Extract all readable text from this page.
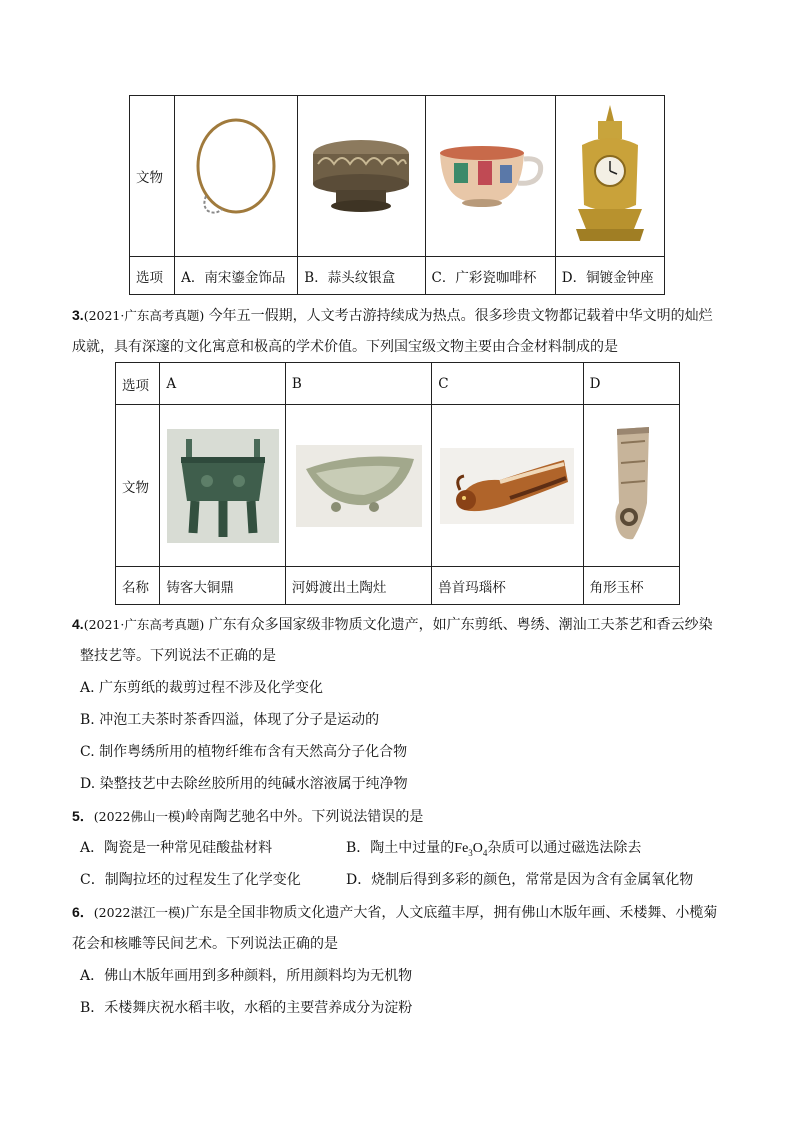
文物	

选项	A．南宋鎏金饰品	B．蒜头纹银盒	C．广彩瓷咖啡杯	D．铜镀金钟座
3.(2021·广东高考真题) 今年五一假期，人文考古游持续成为热点。很多珍贵文物都记载着中华文明的灿烂
成就，具有深邃的文化寓意和极高的学术价值。下列国宝级文物主要由合金材料制成的是
选项	A	B	C	D
文物	

名称	铸客大铜鼎	河姆渡出土陶灶	兽首玛瑙杯	角形玉杯
4.(2021·广东高考真题) 广东有众多国家级非物质文化遗产，如广东剪纸、粤绣、潮汕工夫茶艺和香云纱染
整技艺等。下列说法不正确的是
A. 广东剪纸的裁剪过程不涉及化学变化
B. 冲泡工夫茶时茶香四溢，体现了分子是运动的
C. 制作粤绣所用的植物纤维布含有天然高分子化合物
D. 染整技艺中去除丝胶所用的纯碱水溶液属于纯净物
5．(2022佛山一模)岭南陶艺驰名中外。下列说法错误的是
A．陶瓷是一种常见硅酸盐材料	B．陶土中过量的$Fe_3O_4$杂质可以通过磁选法除去
C．制陶拉坯的过程发生了化学变化	D．烧制后得到多彩的颜色，常常是因为含有金属氧化物
6．(2022湛江一模)广东是全国非物质文化遗产大省，人文底蕴丰厚，拥有佛山木版年画、禾楼舞、小榄菊
花会和核雕等民间艺术。下列说法正确的是
A．佛山木版年画用到多种颜料，所用颜料均为无机物
B．禾楼舞庆祝水稻丰收，水稻的主要营养成分为淀粉
